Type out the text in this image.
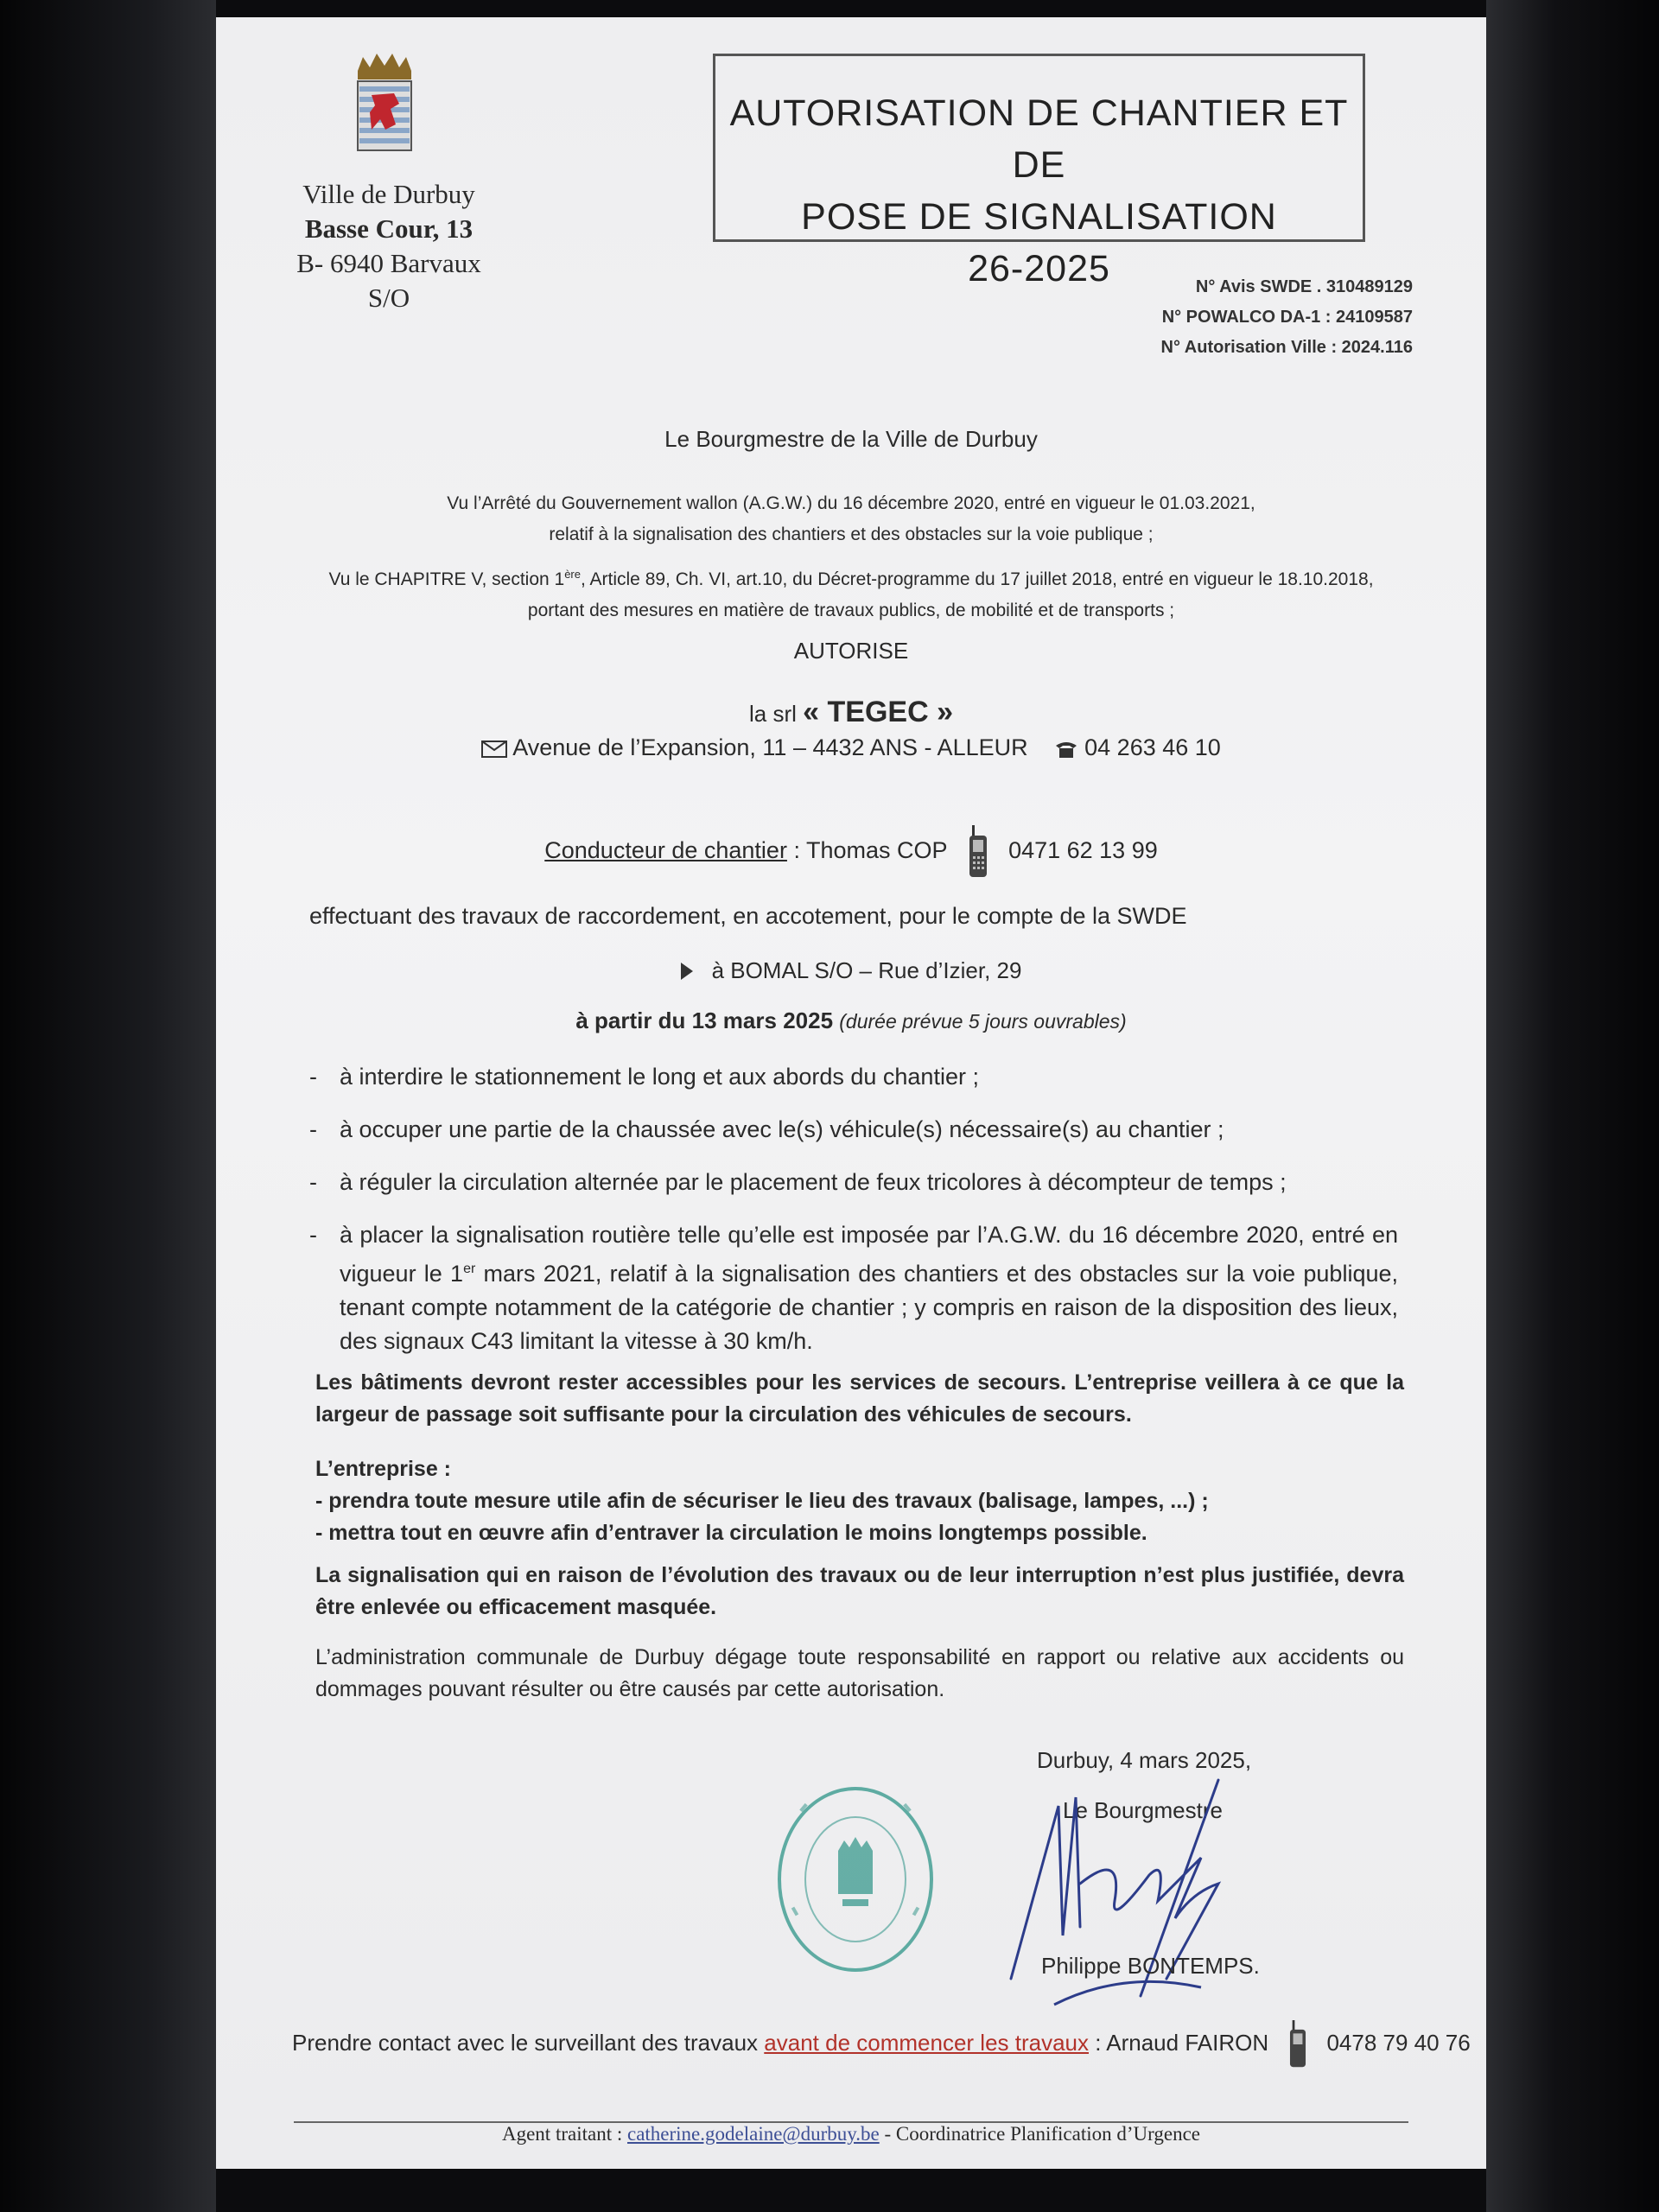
Ville de Durbuy
Basse Cour, 13
B- 6940 Barvaux S/O
AUTORISATION DE CHANTIER ET DE
POSE DE SIGNALISATION
26-2025	N° Avis SWDE . 310489129
N° POWALCO DA-1 : 24109587
N° Autorisation Ville : 2024.116
Le Bourgmestre de la Ville de Durbuy
Vu l’Arrêté du Gouvernement wallon (A.G.W.) du 16 décembre 2020, entré en vigueur le 01.03.2021,
relatif à la signalisation des chantiers et des obstacles sur la voie publique ;
Vu le CHAPITRE V, section 1ère, Article 89, Ch. VI, art.10, du Décret-programme du 17 juillet 2018, entré en vigueur le 18.10.2018,
portant des mesures en matière de travaux publics, de mobilité et de transports ;
AUTORISE
la srl « TEGEC »
Avenue de l’Expansion, 11 – 4432 ANS - ALLEUR 04 263 46 10
Conducteur de chantier : Thomas COP	0471 62 13 99
effectuant des travaux de raccordement, en accotement, pour le compte de la SWDE
à BOMAL S/O – Rue d’Izier, 29
à partir du 13 mars 2025 (durée prévue 5 jours ouvrables)
- à interdire le stationnement le long et aux abords du chantier ;
- à occuper une partie de la chaussée avec le(s) véhicule(s) nécessaire(s) au chantier ;
- à réguler la circulation alternée par le placement de feux tricolores à décompteur de temps ;
- à placer la signalisation routière telle qu’elle est imposée par l’A.G.W. du 16 décembre 2020, entré en vigueur le 1er mars 2021, relatif à la signalisation des chantiers et des obstacles sur la voie publique, tenant compte notamment de la catégorie de chantier ; y compris en raison de la disposition des lieux, des signaux C43 limitant la vitesse à 30 km/h.
Les bâtiments devront rester accessibles pour les services de secours. L’entreprise veillera à ce que la largeur de passage soit suffisante pour la circulation des véhicules de secours.
L’entreprise :
- prendra toute mesure utile afin de sécuriser le lieu des travaux (balisage, lampes, ...) ;
- mettra tout en œuvre afin d’entraver la circulation le moins longtemps possible.
La signalisation qui en raison de l’évolution des travaux ou de leur interruption n’est plus justifiée, devra être enlevée ou efficacement masquée.
L’administration communale de Durbuy dégage toute responsabilité en rapport ou relative aux accidents ou dommages pouvant résulter ou être causés par cette autorisation.
Durbuy, 4 mars 2025,
Le Bourgmestre
Philippe BONTEMPS.
Prendre contact avec le surveillant des travaux avant de commencer les travaux : Arnaud FAIRON	0478 79 40 76
Agent traitant : catherine.godelaine@durbuy.be - Coordinatrice Planification d’Urgence
